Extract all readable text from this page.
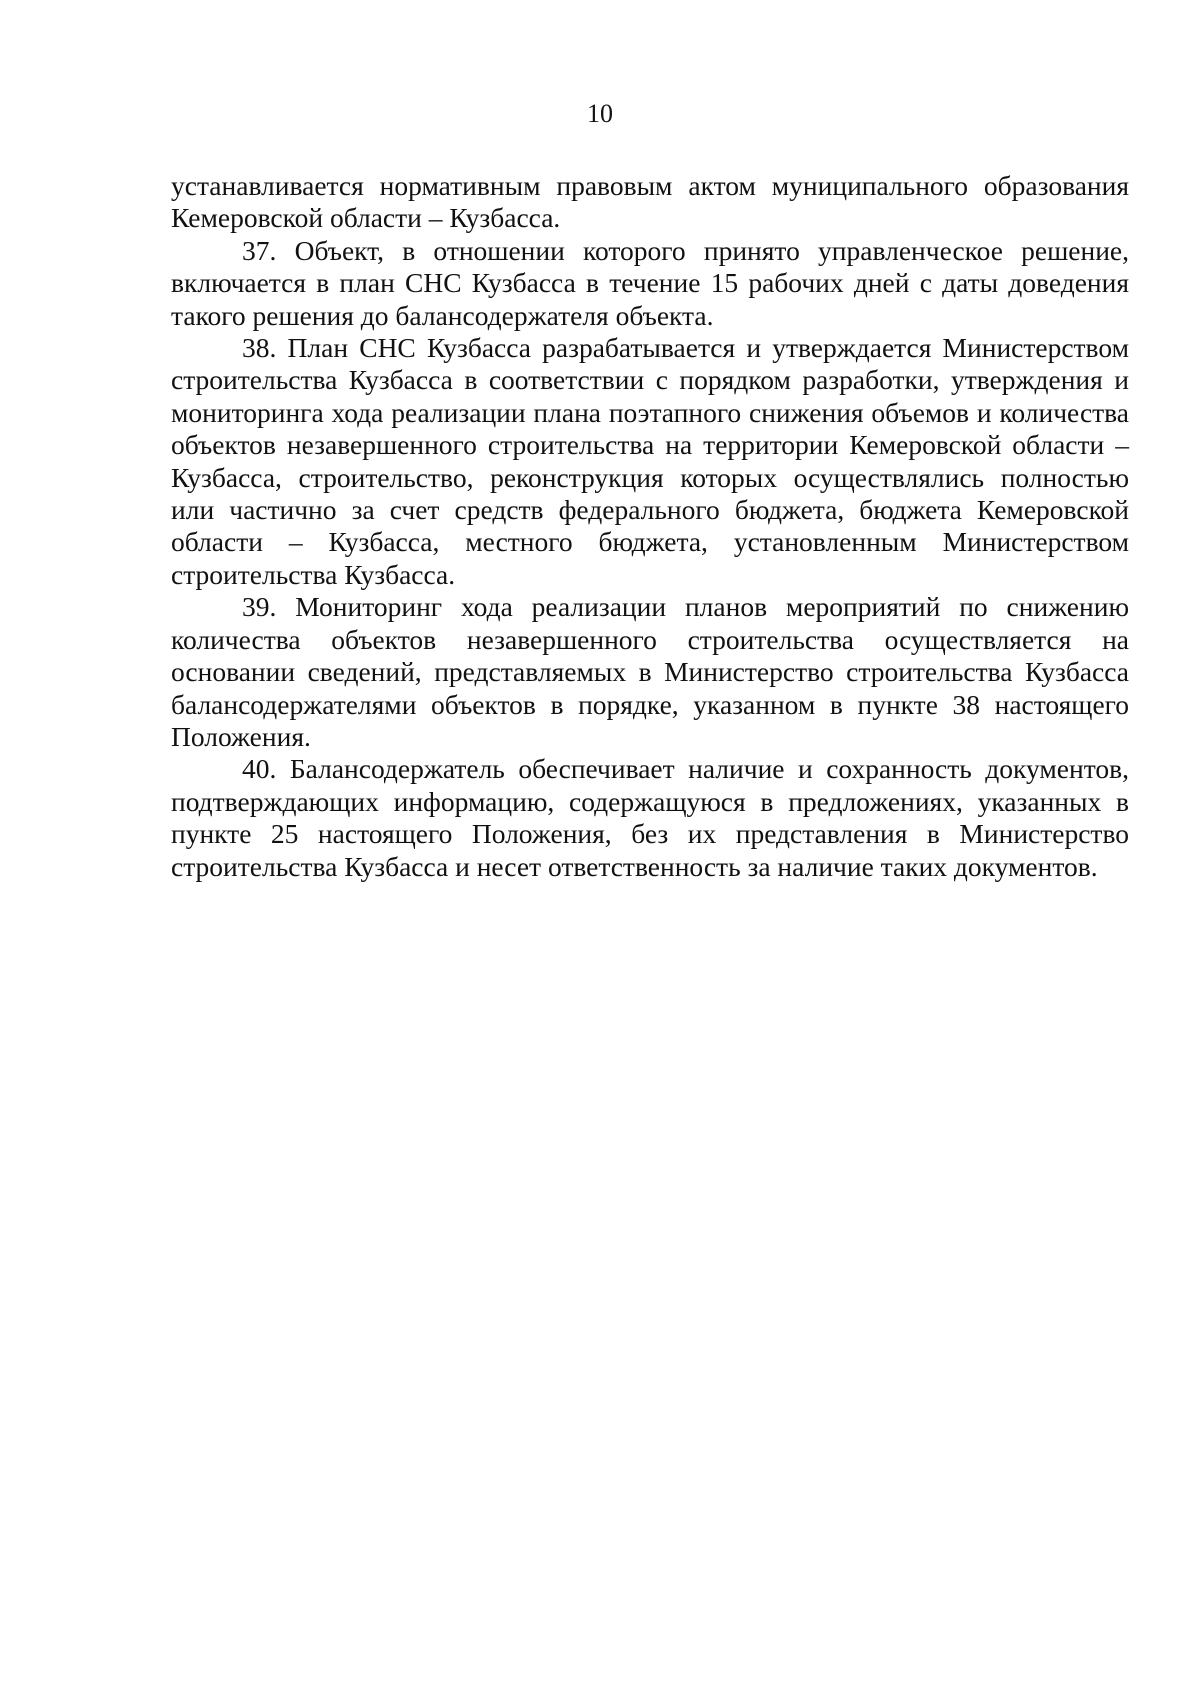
10

устанавливается нормативным правовым актом муниципального образования Кемеровской области – Кузбасса.

37. Объект, в отношении которого принято управленческое решение, включается в план СНС Кузбасса в течение 15 рабочих дней с даты доведения такого решения до балансодержателя объекта.

38. План СНС Кузбасса разрабатывается и утверждается Министерством строительства Кузбасса в соответствии с порядком разработки, утверждения и мониторинга хода реализации плана поэтапного снижения объемов и количества объектов незавершенного строительства на территории Кемеровской области – Кузбасса, строительство, реконструкция которых осуществлялись полностью или частично за счет средств федерального бюджета, бюджета Кемеровской области – Кузбасса, местного бюджета, установленным Министерством строительства Кузбасса.

39. Мониторинг хода реализации планов мероприятий по снижению количества объектов незавершенного строительства осуществляется на основании сведений, представляемых в Министерство строительства Кузбасса балансодержателями объектов в порядке, указанном в пункте 38 настоящего Положения.

40. Балансодержатель обеспечивает наличие и сохранность документов, подтверждающих информацию, содержащуюся в предложениях, указанных в пункте 25 настоящего Положения, без их представления в Министерство строительства Кузбасса и несет ответственность за наличие таких документов.
